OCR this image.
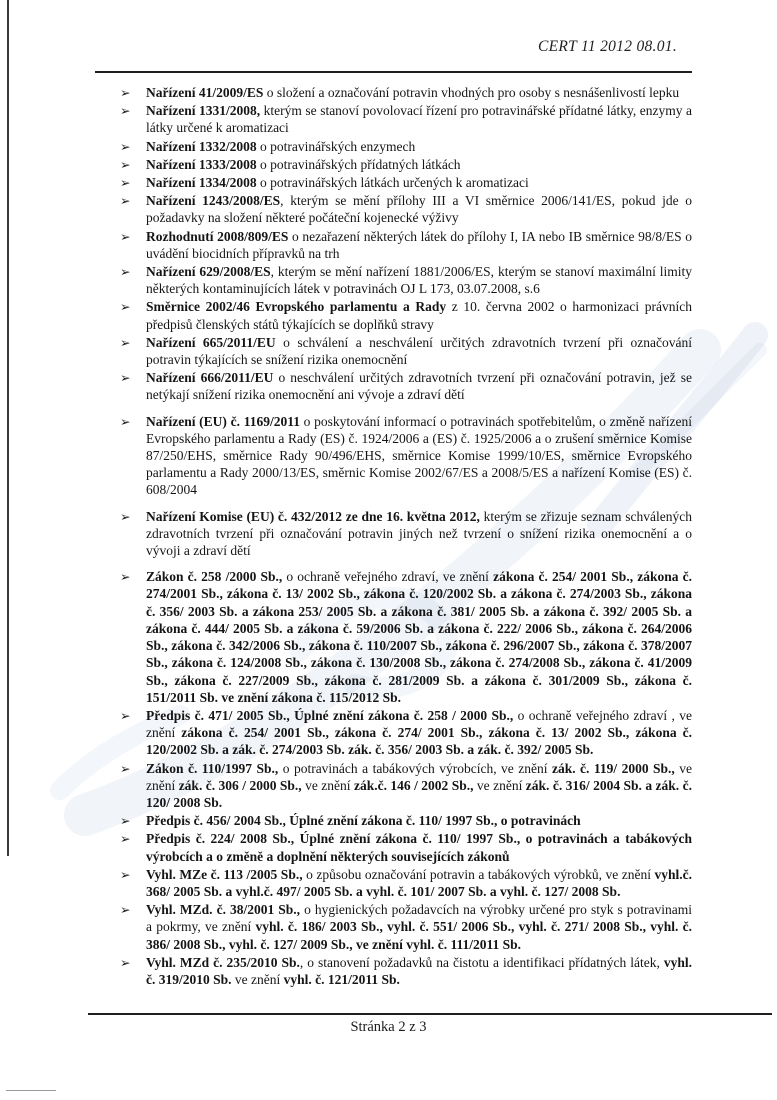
CERT 11 2012 08.01.
➢ Nařízení 41/2009/ES o složení a označování potravin vhodných pro osoby s nesnášenlivostí lepku
➢ Nařízení 1331/2008, kterým se stanoví povolovací řízení pro potravinářské přídatné látky, enzymy a látky určené k aromatizaci
➢ Nařízení 1332/2008 o potravinářských enzymech
➢ Nařízení 1333/2008 o potravinářských přídatných látkách
➢ Nařízení 1334/2008 o potravinářských látkách určených k aromatizaci
➢ Nařízení 1243/2008/ES, kterým se mění přílohy III a VI směrnice 2006/141/ES, pokud jde o požadavky na složení některé počáteční kojenecké výživy
➢ Rozhodnutí 2008/809/ES o nezařazení některých látek do přílohy I, IA nebo IB směrnice 98/8/ES o uvádění biocidních přípravků na trh
➢ Nařízení 629/2008/ES, kterým se mění nařízení 1881/2006/ES, kterým se stanoví maximální limity některých kontaminujících látek v potravinách OJ L 173, 03.07.2008, s.6
➢ Směrnice 2002/46 Evropského parlamentu a Rady z 10. června 2002 o harmonizaci právních předpisů členských států týkajících se doplňků stravy
➢ Nařízení 665/2011/EU o schválení a neschválení určitých zdravotních tvrzení při označování potravin týkajících se snížení rizika onemocnění
➢ Nařízení 666/2011/EU o neschválení určitých zdravotních tvrzení při označování potravin, jež se netýkají snížení rizika onemocnění ani vývoje a zdraví dětí
➢ Nařízení (EU) č. 1169/2011 o poskytování informací o potravinách spotřebitelům, o změně nařízení Evropského parlamentu a Rady (ES) č. 1924/2006 a (ES) č. 1925/2006 a o zrušení směrnice Komise 87/250/EHS, směrnice Rady 90/496/EHS, směrnice Komise 1999/10/ES, směrnice Evropského parlamentu a Rady 2000/13/ES, směrnic Komise 2002/67/ES a 2008/5/ES a nařízení Komise (ES) č. 608/2004
➢ Nařízení Komise (EU) č. 432/2012 ze dne 16. května 2012, kterým se zřizuje seznam schválených zdravotních tvrzení při označování potravin jiných než tvrzení o snížení rizika onemocnění a o vývoji a zdraví dětí
➢ Zákon č. 258 /2000 Sb., o ochraně veřejného zdraví, ve znění zákona č. 254/ 2001 Sb., zákona č. 274/2001 Sb., zákona č. 13/ 2002 Sb., zákona č. 120/2002 Sb. a zákona č. 274/2003 Sb., zákona č. 356/ 2003 Sb. a zákona 253/ 2005 Sb. a zákona č. 381/ 2005 Sb. a zákona č. 392/ 2005 Sb. a zákona č. 444/ 2005 Sb. a zákona č. 59/2006 Sb. a zákona č. 222/ 2006 Sb., zákona č. 264/2006 Sb., zákona č. 342/2006 Sb., zákona č. 110/2007 Sb., zákona č. 296/2007 Sb., zákona č. 378/2007 Sb., zákona č. 124/2008 Sb., zákona č. 130/2008 Sb., zákona č. 274/2008 Sb., zákona č. 41/2009 Sb., zákona č. 227/2009 Sb., zákona č. 281/2009 Sb. a zákona č. 301/2009 Sb., zákona č. 151/2011 Sb. ve znění zákona č. 115/2012 Sb.
➢ Předpis č. 471/ 2005 Sb., Úplné znění zákona č. 258 / 2000 Sb., o ochraně veřejného zdraví , ve znění zákona č. 254/ 2001 Sb., zákona č. 274/ 2001 Sb., zákona č. 13/ 2002 Sb., zákona č. 120/2002 Sb. a zák. č. 274/2003 Sb. zák. č. 356/ 2003 Sb. a zák. č. 392/ 2005 Sb.
➢ Zákon č. 110/1997 Sb., o potravinách a tabákových výrobcích, ve znění zák. č. 119/ 2000 Sb., ve znění zák. č. 306 / 2000 Sb., ve znění zák.č. 146 / 2002 Sb., ve znění zák. č. 316/ 2004 Sb. a zák. č. 120/ 2008 Sb.
➢ Předpis č. 456/ 2004 Sb., Úplné znění zákona č. 110/ 1997 Sb., o potravinách
➢ Předpis č. 224/ 2008 Sb., Úplné znění zákona č. 110/ 1997 Sb., o potravinách a tabákových výrobcích a o změně a doplnění některých souvisejících zákonů
➢ Vyhl. MZe č. 113 /2005 Sb., o způsobu označování potravin a tabákových výrobků, ve znění vyhl.č. 368/ 2005 Sb. a vyhl.č. 497/ 2005 Sb. a vyhl. č. 101/ 2007 Sb. a vyhl. č. 127/ 2008 Sb.
➢ Vyhl. MZd. č. 38/2001 Sb., o hygienických požadavcích na výrobky určené pro styk s potravinami a pokrmy, ve znění vyhl. č. 186/ 2003 Sb., vyhl. č. 551/ 2006 Sb., vyhl. č. 271/ 2008 Sb., vyhl. č. 386/ 2008 Sb., vyhl. č. 127/ 2009 Sb., ve znění vyhl. č. 111/2011 Sb.
➢ Vyhl. MZd č. 235/2010 Sb., o stanovení požadavků na čistotu a identifikaci přídatných látek, vyhl. č. 319/2010 Sb. ve znění vyhl. č. 121/2011 Sb.
Stránka 2 z 3
